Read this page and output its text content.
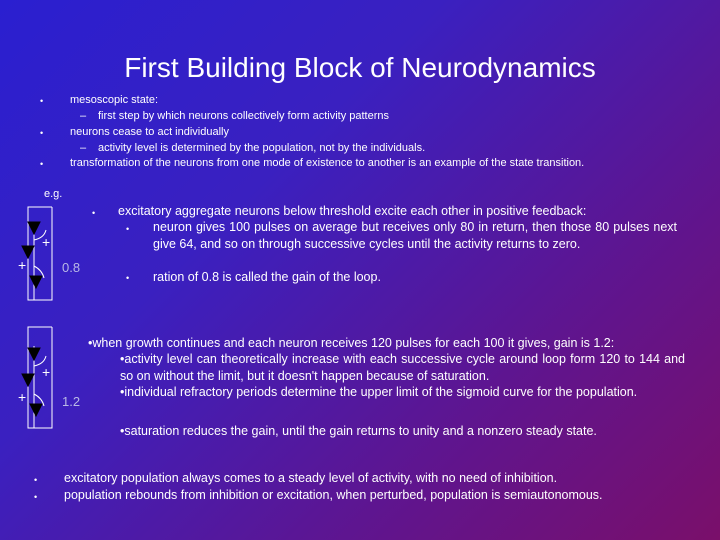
First Building Block of Neurodynamics
• mesoscopic state:
– first step by which neurons collectively form activity patterns
• neurons cease to act individually
– activity level is determined by the population, not by the individuals.
• transformation of the neurons from one mode of existence to another is an example of the state transition.
e.g.
+
+	0.8
+
+	1.2
• excitatory aggregate neurons below threshold excite each other in positive feedback:
• neuron gives 100 pulses on average but receives only 80 in return, then those 80 pulses next give 64, and so on through successive cycles until the activity returns to zero.
• ration of 0.8 is called the gain of the loop.
•when growth continues and each neuron receives 120 pulses for each 100 it gives, gain is 1.2:
•activity level can theoretically increase with each successive cycle around loop form 120 to 144 and so on without the limit, but it doesn't happen because of saturation.
•individual refractory periods determine the upper limit of the sigmoid curve for the population.
•saturation reduces the gain, until the gain returns to unity and a nonzero steady state.
• excitatory population always comes to a steady level of activity, with no need of inhibition.
• population rebounds from inhibition or excitation, when perturbed, population is semiautonomous.
